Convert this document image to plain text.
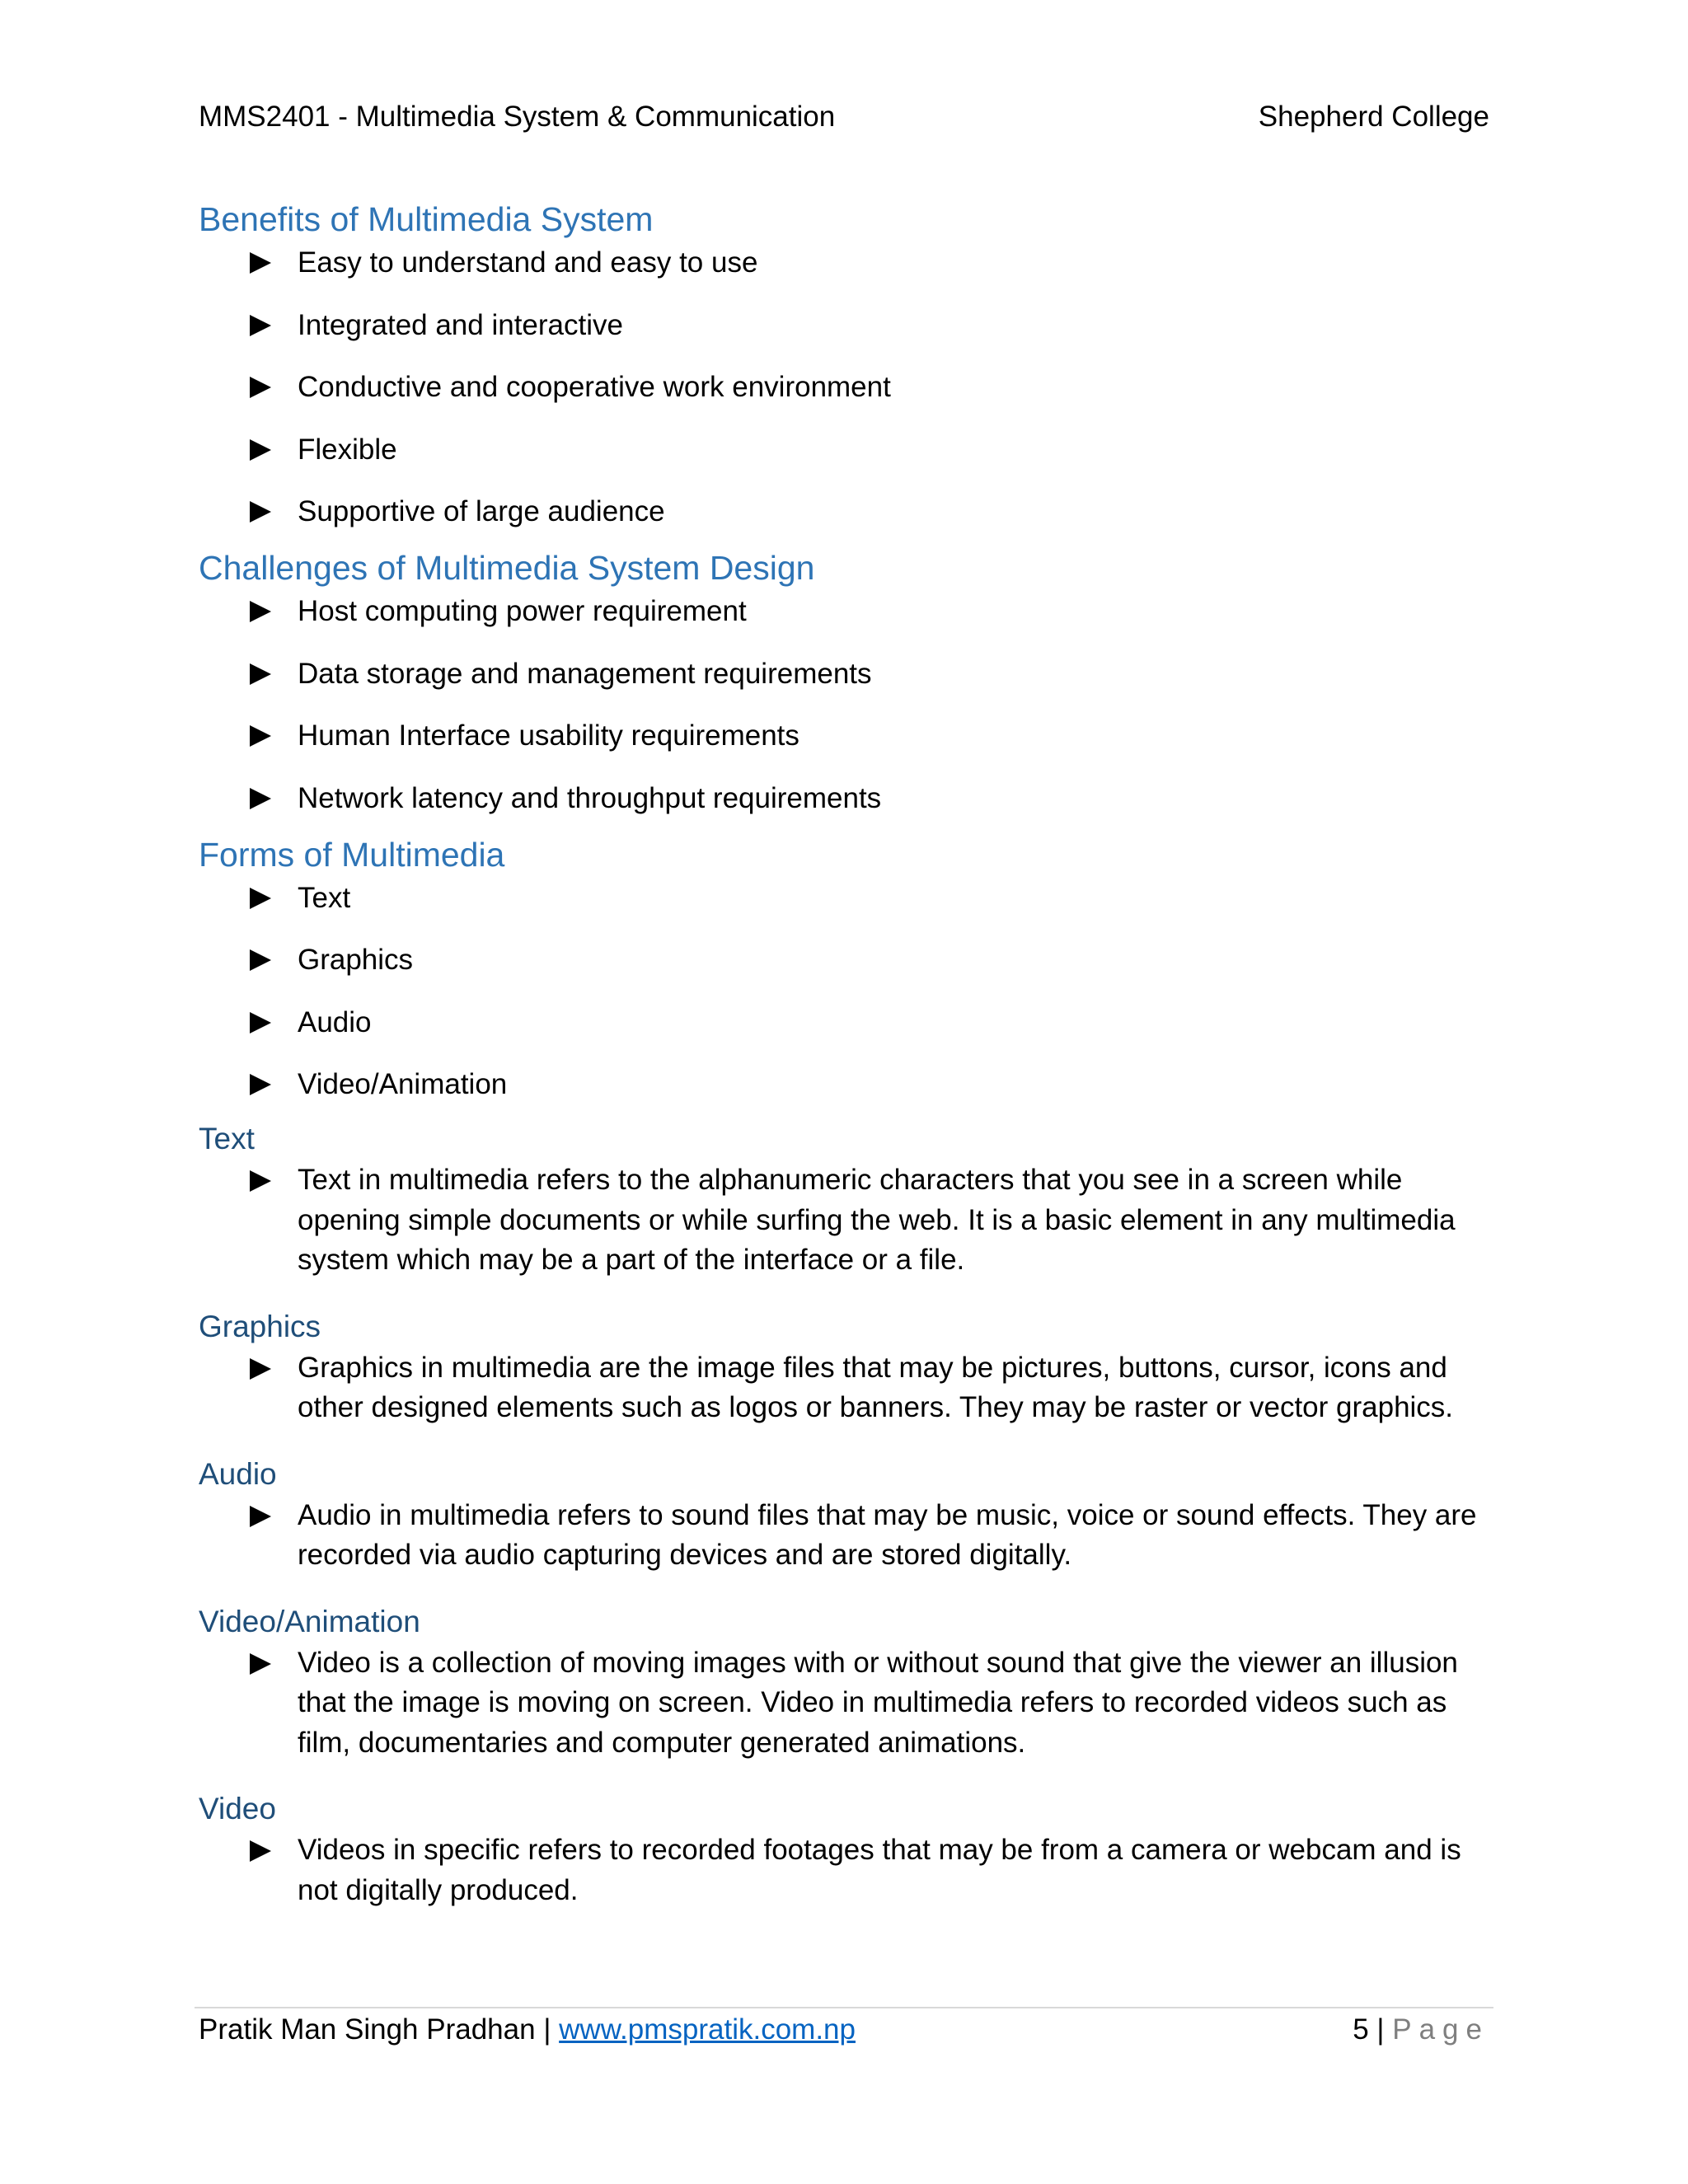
MMS2401 - Multimedia System & Communication	Shepherd College
Benefits of Multimedia System
Easy to understand and easy to use
Integrated and interactive
Conductive and cooperative work environment
Flexible
Supportive of large audience
Challenges of Multimedia System Design
Host computing power requirement
Data storage and management requirements
Human Interface usability requirements
Network latency and throughput requirements
Forms of Multimedia
Text
Graphics
Audio
Video/Animation
Text
Text in multimedia refers to the alphanumeric characters that you see in a screen while opening simple documents or while surfing the web. It is a basic element in any multimedia system which may be a part of the interface or a file.
Graphics
Graphics in multimedia are the image files that may be pictures, buttons, cursor, icons and other designed elements such as logos or banners. They may be raster or vector graphics.
Audio
Audio in multimedia refers to sound files that may be music, voice or sound effects. They are recorded via audio capturing devices and are stored digitally.
Video/Animation
Video is a collection of moving images with or without sound that give the viewer an illusion that the image is moving on screen. Video in multimedia refers to recorded videos such as film, documentaries and computer generated animations.
Video
Videos in specific refers to recorded footages that may be from a camera or webcam and is not digitally produced.
Pratik Man Singh Pradhan | www.pmspratik.com.np	5 | Page
